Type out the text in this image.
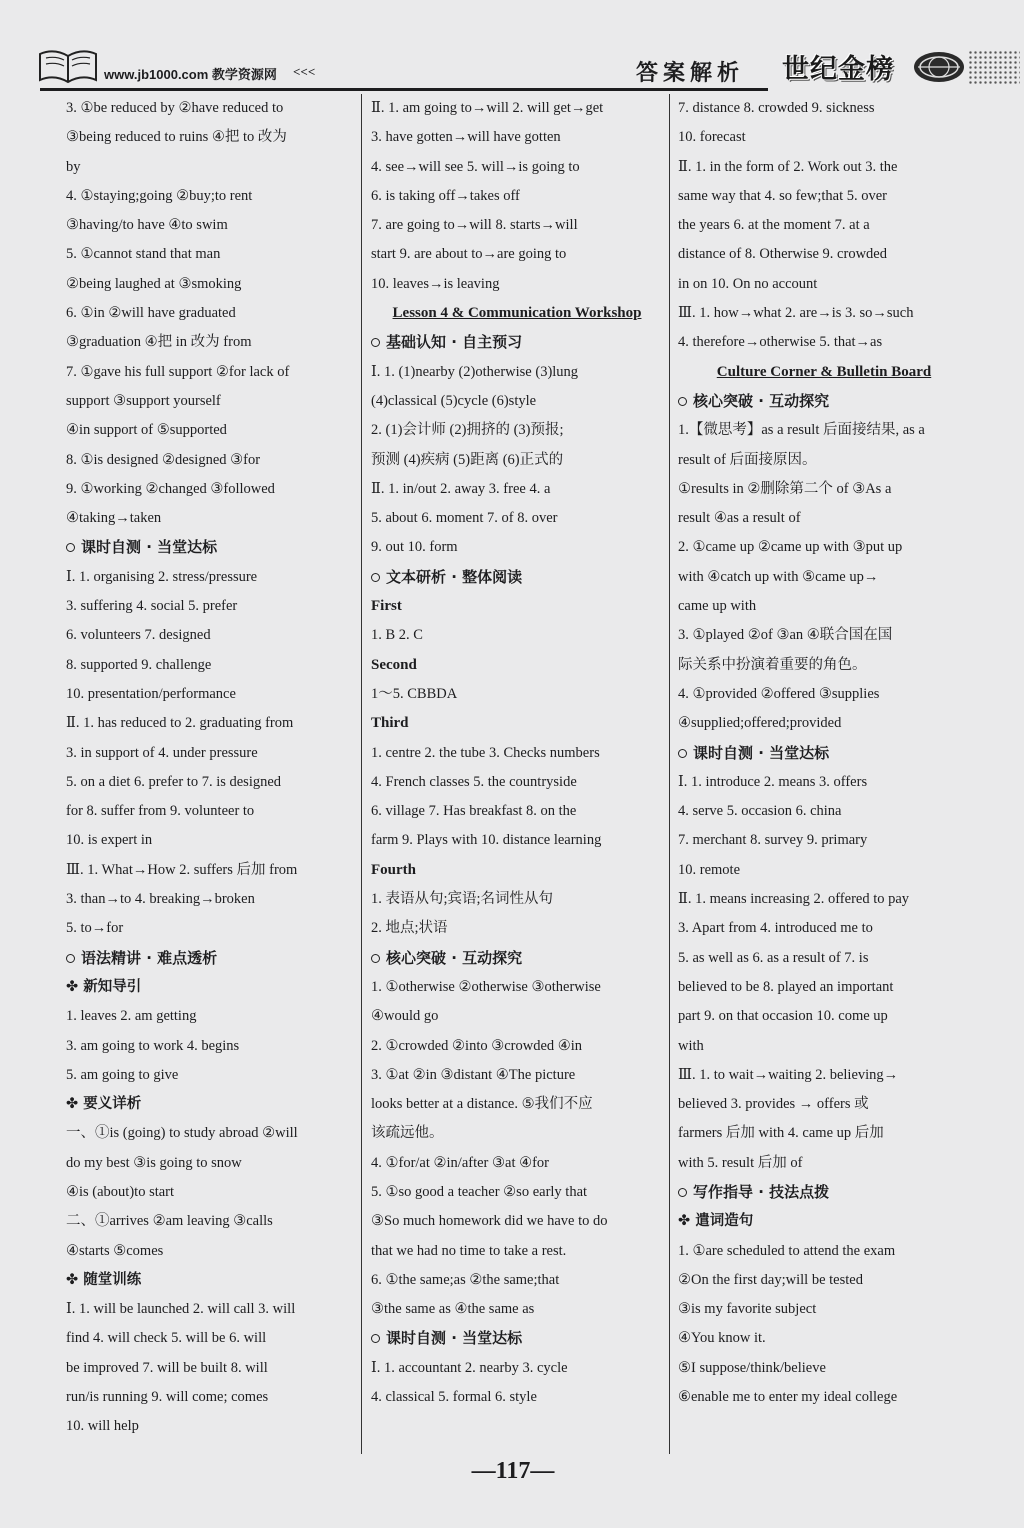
www.jb1000.com 教学资源网 <<<	答案解析 世纪金榜
3. ①be reduced by ②have reduced to
③being reduced to ruins ④把 to 改为
by
4. ①staying;going ②buy;to rent
③having/to have ④to swim
5. ①cannot stand that man
②being laughed at ③smoking
6. ①in ②will have graduated
③graduation ④把 in 改为 from
7. ①gave his full support ②for lack of
support ③support yourself
④in support of ⑤supported
8. ①is designed ②designed ③for
9. ①working ②changed ③followed
④taking→taken
课时自测 · 当堂达标
Ⅰ. 1. organising 2. stress/pressure
3. suffering 4. social 5. prefer
6. volunteers 7. designed
8. supported 9. challenge
10. presentation/performance
Ⅱ. 1. has reduced to 2. graduating from
3. in support of 4. under pressure
5. on a diet 6. prefer to 7. is designed
for 8. suffer from 9. volunteer to
10. is expert in
Ⅲ. 1. What→How 2. suffers 后加 from
3. than→to 4. breaking→broken
5. to→for
语法精讲 · 难点透析
✤ 新知导引
1. leaves 2. am getting
3. am going to work 4. begins
5. am going to give
✤ 要义详析
一、①is (going) to study abroad ②will
do my best ③is going to snow
④is (about)to start
二、①arrives ②am leaving ③calls
④starts ⑤comes
✤ 随堂训练
Ⅰ. 1. will be launched 2. will call 3. will
find 4. will check 5. will be 6. will
be improved 7. will be built 8. will
run/is running 9. will come; comes
10. will help
Ⅱ. 1. am going to→will 2. will get→get
3. have gotten→will have gotten
4. see→will see 5. will→is going to
6. is taking off→takes off
7. are going to→will 8. starts→will
start 9. are about to→are going to
10. leaves→is leaving
Lesson 4 & Communication Workshop
基础认知 · 自主预习
Ⅰ. 1. (1)nearby (2)otherwise (3)lung
(4)classical (5)cycle (6)style
2. (1)会计师 (2)拥挤的 (3)预报;
预测 (4)疾病 (5)距离 (6)正式的
Ⅱ. 1. in/out 2. away 3. free 4. a
5. about 6. moment 7. of 8. over
9. out 10. form
文本研析 · 整体阅读
First
1. B 2. C
Second
1～5. CBBDA
Third
1. centre 2. the tube 3. Checks numbers
4. French classes 5. the countryside
6. village 7. Has breakfast 8. on the
farm 9. Plays with 10. distance learning
Fourth
1. 表语从句;宾语;名词性从句
2. 地点;状语
核心突破 · 互动探究
1. ①otherwise ②otherwise ③otherwise
④would go
2. ①crowded ②into ③crowded ④in
3. ①at ②in ③distant ④The picture
looks better at a distance. ⑤我们不应
该疏远他。
4. ①for/at ②in/after ③at ④for
5. ①so good a teacher ②so early that
③So much homework did we have to do
that we had no time to take a rest.
6. ①the same;as ②the same;that
③the same as ④the same as
课时自测 · 当堂达标
Ⅰ. 1. accountant 2. nearby 3. cycle
4. classical 5. formal 6. style
7. distance 8. crowded 9. sickness
10. forecast
Ⅱ. 1. in the form of 2. Work out 3. the
same way that 4. so few;that 5. over
the years 6. at the moment 7. at a
distance of 8. Otherwise 9. crowded
in on 10. On no account
Ⅲ. 1. how→what 2. are→is 3. so→such
4. therefore→otherwise 5. that→as
Culture Corner & Bulletin Board
核心突破 · 互动探究
1.【微思考】as a result 后面接结果, as a
result of 后面接原因。
①results in ②删除第二个 of ③As a
result ④as a result of
2. ①came up ②came up with ③put up
with ④catch up with ⑤came up→
came up with
3. ①played ②of ③an ④联合国在国
际关系中扮演着重要的角色。
4. ①provided ②offered ③supplies
④supplied;offered;provided
课时自测 · 当堂达标
Ⅰ. 1. introduce 2. means 3. offers
4. serve 5. occasion 6. china
7. merchant 8. survey 9. primary
10. remote
Ⅱ. 1. means increasing 2. offered to pay
3. Apart from 4. introduced me to
5. as well as 6. as a result of 7. is
believed to be 8. played an important
part 9. on that occasion 10. come up
with
Ⅲ. 1. to wait→waiting 2. believing→
believed 3. provides → offers 或
farmers 后加 with 4. came up 后加
with 5. result 后加 of
写作指导 · 技法点拨
✤ 遣词造句
1. ①are scheduled to attend the exam
②On the first day;will be tested
③is my favorite subject
④You know it.
⑤I suppose/think/believe
⑥enable me to enter my ideal college
—117—
